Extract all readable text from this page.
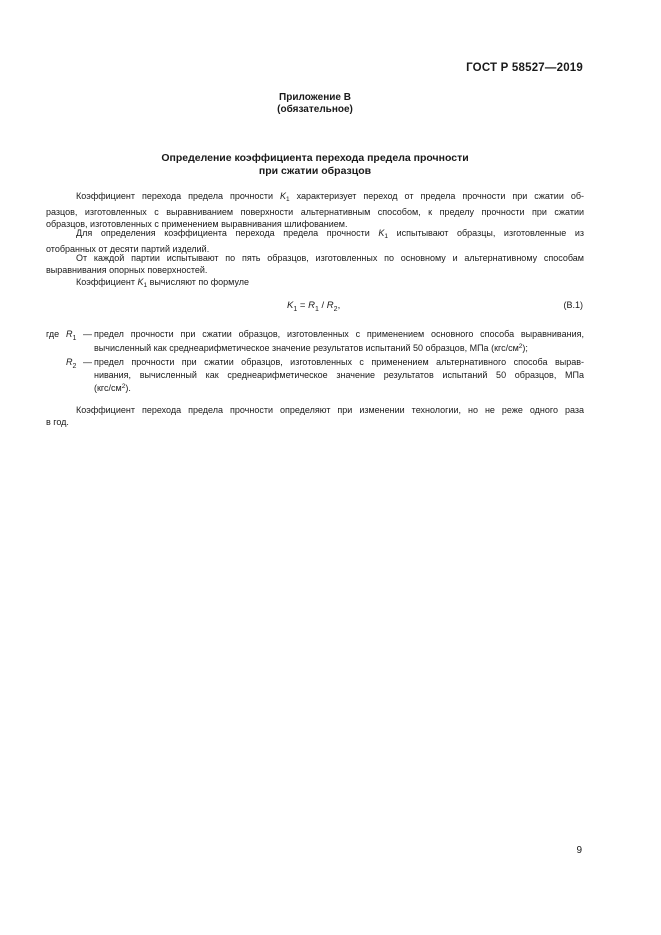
ГОСТ Р 58527—2019
Приложение В
(обязательное)
Определение коэффициента перехода предела прочности
при сжатии образцов

Коэффициент перехода предела прочности $K_1$ характеризует переход от предела прочности при сжатии об-

разцов, изготовленных с выравниванием поверхности альтернативным способом, к пределу прочности при сжатии
образцов, изготовленных с применением выравнивания шлифованием.

Для определения коэффициента перехода предела прочности $K_1$ испытывают образцы, изготовленные из

отобранных от десяти партий изделий.

От каждой партии испытывают по пять образцов, изготовленных по основному и альтернативному способам

выравнивания опорных поверхностей.

Коэффициент $K_1$ вычисляют по формуле

$K_1 = R_1 / R_2$,	(В.1)
где $R_1$ — предел прочности при сжатии образцов, изготовленных с применением основного способа выравнивания,
вычисленный как среднеарифметическое значение результатов испытаний 50 образцов, МПа $(кгс/см^2)$;
$R_2$ — предел прочности при сжатии образцов, изготовленных с применением альтернативного способа вырав-
нивания, вычисленный как среднеарифметическое значение результатов испытаний 50 образцов, МПа
$(кгс/см^2)$.

Коэффициент перехода предела прочности определяют при изменении технологии, но не реже одного раза

в год.
9
